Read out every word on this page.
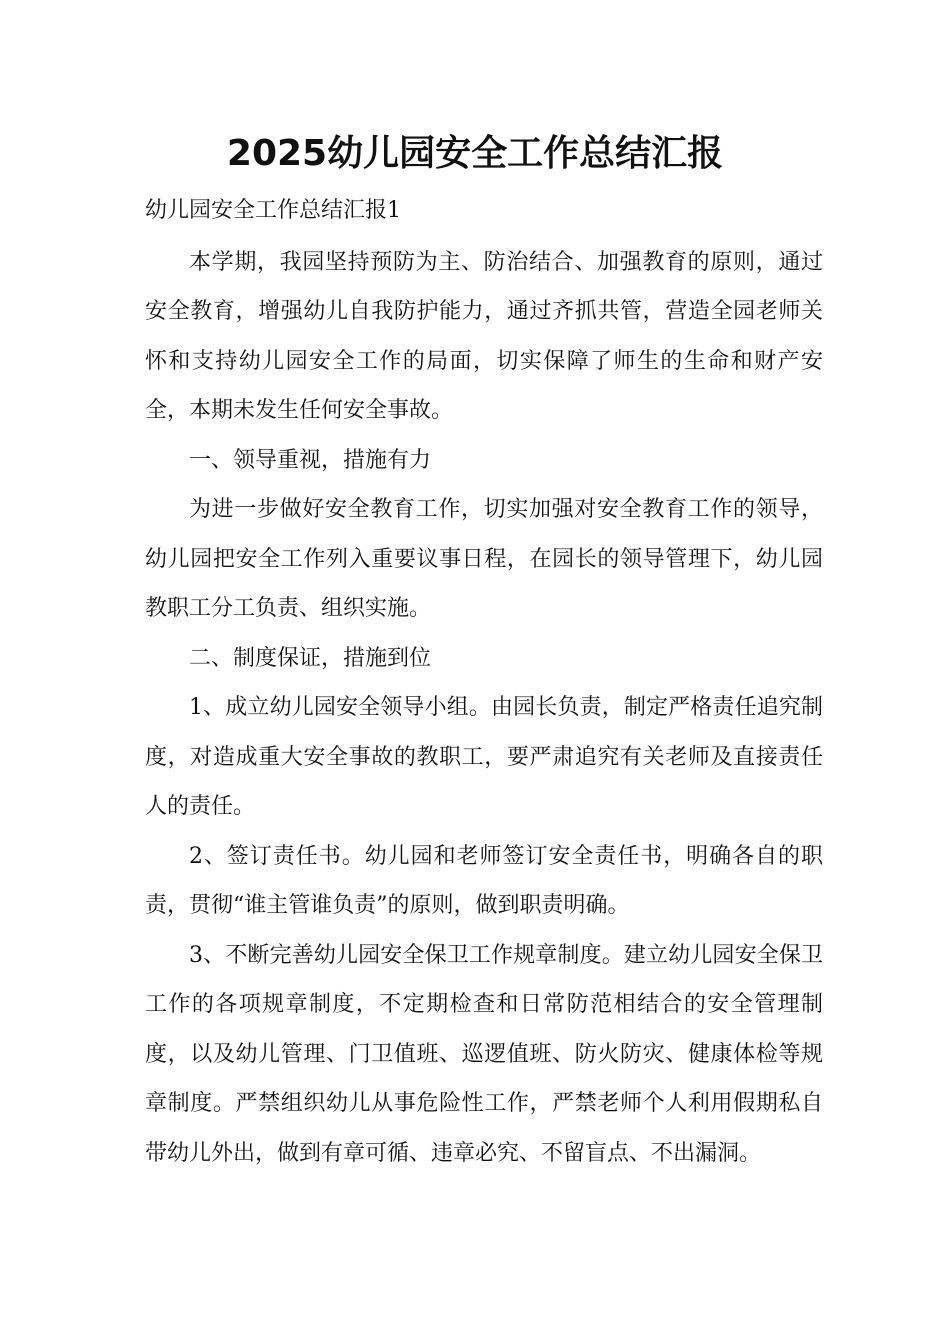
2025幼儿园安全工作总结汇报

幼儿园安全工作总结汇报1

本学期，我园坚持预防为主、防治结合、加强教育的原则，通过安全教育，增强幼儿自我防护能力，通过齐抓共管，营造全园老师关怀和支持幼儿园安全工作的局面，切实保障了师生的生命和财产安全，本期未发生任何安全事故。

一、领导重视，措施有力

为进一步做好安全教育工作，切实加强对安全教育工作的领导，幼儿园把安全工作列入重要议事日程，在园长的领导管理下，幼儿园教职工分工负责、组织实施。

二、制度保证，措施到位

1、成立幼儿园安全领导小组。由园长负责，制定严格责任追究制度，对造成重大安全事故的教职工，要严肃追究有关老师及直接责任人的责任。

2、签订责任书。幼儿园和老师签订安全责任书，明确各自的职责，贯彻“谁主管谁负责”的原则，做到职责明确。

3、不断完善幼儿园安全保卫工作规章制度。建立幼儿园安全保卫工作的各项规章制度，不定期检查和日常防范相结合的安全管理制度，以及幼儿管理、门卫值班、巡逻值班、防火防灾、健康体检等规章制度。严禁组织幼儿从事危险性工作，严禁老师个人利用假期私自带幼儿外出，做到有章可循、违章必究、不留盲点、不出漏洞。
